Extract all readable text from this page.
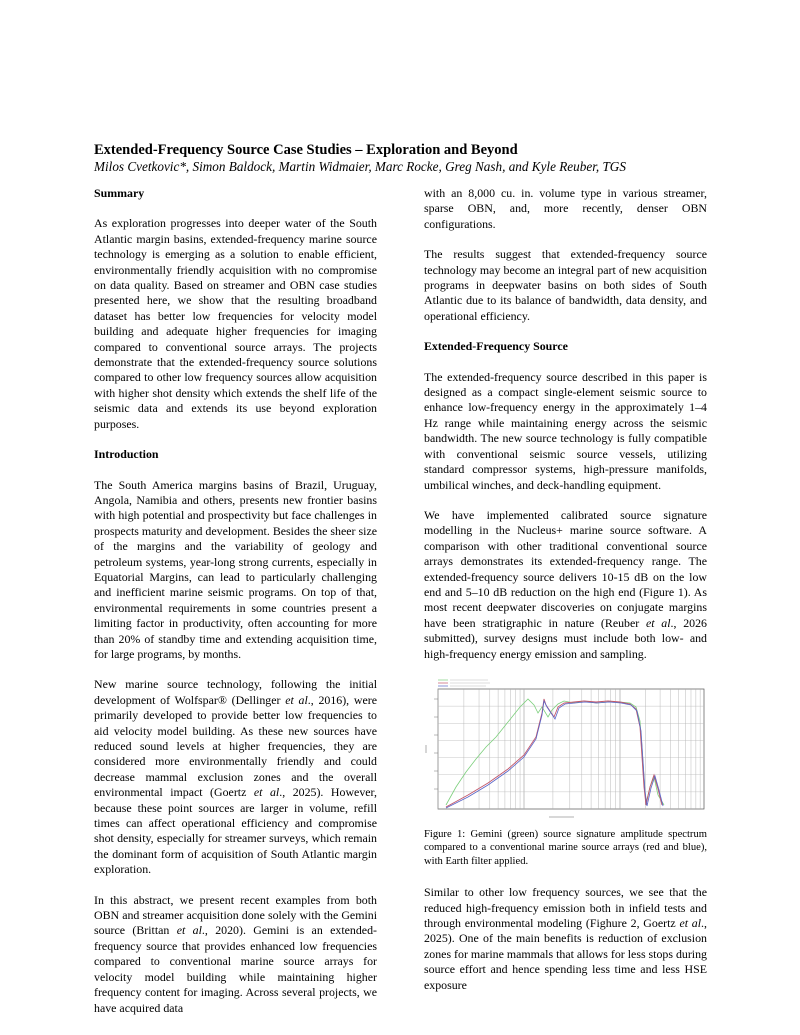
Extended-Frequency Source Case Studies – Exploration and Beyond
Milos Cvetkovic*, Simon Baldock, Martin Widmaier, Marc Rocke, Greg Nash, and Kyle Reuber, TGS
Summary
As exploration progresses into deeper water of the South Atlantic margin basins, extended-frequency marine source technology is emerging as a solution to enable efficient, environmentally friendly acquisition with no compromise on data quality. Based on streamer and OBN case studies presented here, we show that the resulting broadband dataset has better low frequencies for velocity model building and adequate higher frequencies for imaging compared to conventional source arrays. The projects demonstrate that the extended-frequency source solutions compared to other low frequency sources allow acquisition with higher shot density which extends the shelf life of the seismic data and extends its use beyond exploration purposes.
Introduction
The South America margins basins of Brazil, Uruguay, Angola, Namibia and others, presents new frontier basins with high potential and prospectivity but face challenges in prospects maturity and development. Besides the sheer size of the margins and the variability of geology and petroleum systems, year-long strong currents, especially in Equatorial Margins, can lead to particularly challenging and inefficient marine seismic programs. On top of that, environmental requirements in some countries present a limiting factor in productivity, often accounting for more than 20% of standby time and extending acquisition time, for large programs, by months.
New marine source technology, following the initial development of Wolfspar® (Dellinger et al., 2016), were primarily developed to provide better low frequencies to aid velocity model building. As these new sources have reduced sound levels at higher frequencies, they are considered more environmentally friendly and could decrease mammal exclusion zones and the overall environmental impact (Goertz et al., 2025). However, because these point sources are larger in volume, refill times can affect operational efficiency and compromise shot density, especially for streamer surveys, which remain the dominant form of acquisition of South Atlantic margin exploration.
In this abstract, we present recent examples from both OBN and streamer acquisition done solely with the Gemini source (Brittan et al., 2020). Gemini is an extended-frequency source that provides enhanced low frequencies compared to conventional marine source arrays for velocity model building while maintaining higher frequency content for imaging. Across several projects, we have acquired data
with an 8,000 cu. in. volume type in various streamer, sparse OBN, and, more recently, denser OBN configurations.
The results suggest that extended-frequency source technology may become an integral part of new acquisition programs in deepwater basins on both sides of South Atlantic due to its balance of bandwidth, data density, and operational efficiency.
Extended-Frequency Source
The extended-frequency source described in this paper is designed as a compact single-element seismic source to enhance low-frequency energy in the approximately 1–4 Hz range while maintaining energy across the seismic bandwidth. The new source technology is fully compatible with conventional seismic source vessels, utilizing standard compressor systems, high-pressure manifolds, umbilical winches, and deck-handling equipment.
We have implemented calibrated source signature modelling in the Nucleus+ marine source software. A comparison with other traditional conventional source arrays demonstrates its extended-frequency range. The extended-frequency source delivers 10-15 dB on the low end and 5–10 dB reduction on the high end (Figure 1). As most recent deepwater discoveries on conjugate margins have been stratigraphic in nature (Reuber et al., 2026 submitted), survey designs must include both low- and high-frequency energy emission and sampling.
Figure 1: Gemini (green) source signature amplitude spectrum compared to a conventional marine source arrays (red and blue), with Earth filter applied.
Similar to other low frequency sources, we see that the reduced high-frequency emission both in infield tests and through environmental modeling (Fighure 2, Goertz et al., 2025). One of the main benefits is reduction of exclusion zones for marine mammals that allows for less stops during source effort and hence spending less time and less HSE exposure
